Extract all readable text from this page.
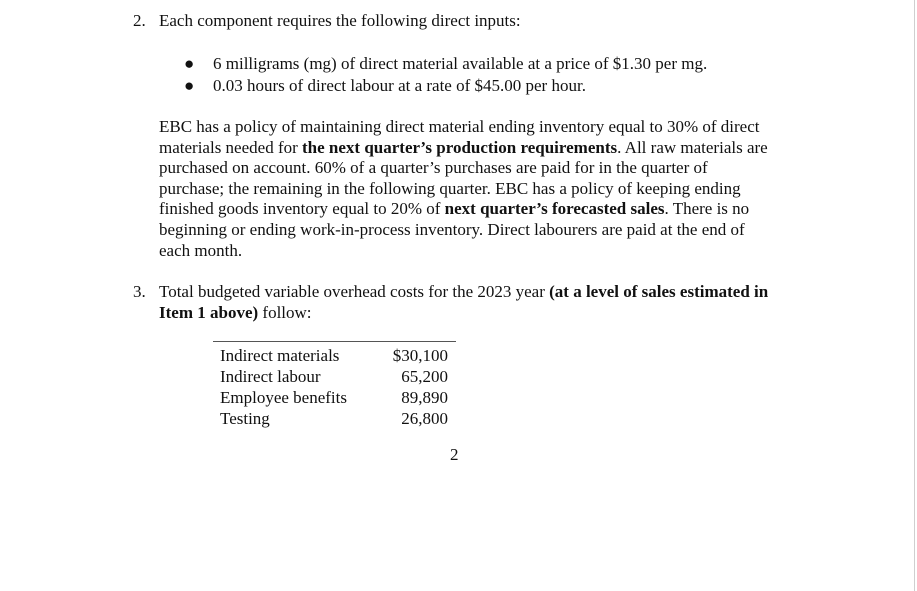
2. Each component requires the following direct inputs:
● 6 milligrams (mg) of direct material available at a price of $1.30 per mg.
● 0.03 hours of direct labour at a rate of $45.00 per hour.

EBC has a policy of maintaining direct material ending inventory equal to 30% of direct

materials needed for the next quarter’s production requirements. All raw materials are

purchased on account. 60% of a quarter’s purchases are paid for in the quarter of

purchase; the remaining in the following quarter. EBC has a policy of keeping ending

finished goods inventory equal to 20% of next quarter’s forecasted sales. There is no

beginning or ending work-in-process inventory. Direct labourers are paid at the end of

each month.

3. Total budgeted variable overhead costs for the 2023 year (at a level of sales estimated in
Item 1 above) follow:
Indirect materials	$30,100
Indirect labour	65,200
Employee benefits	89,890
Testing	26,800
2
